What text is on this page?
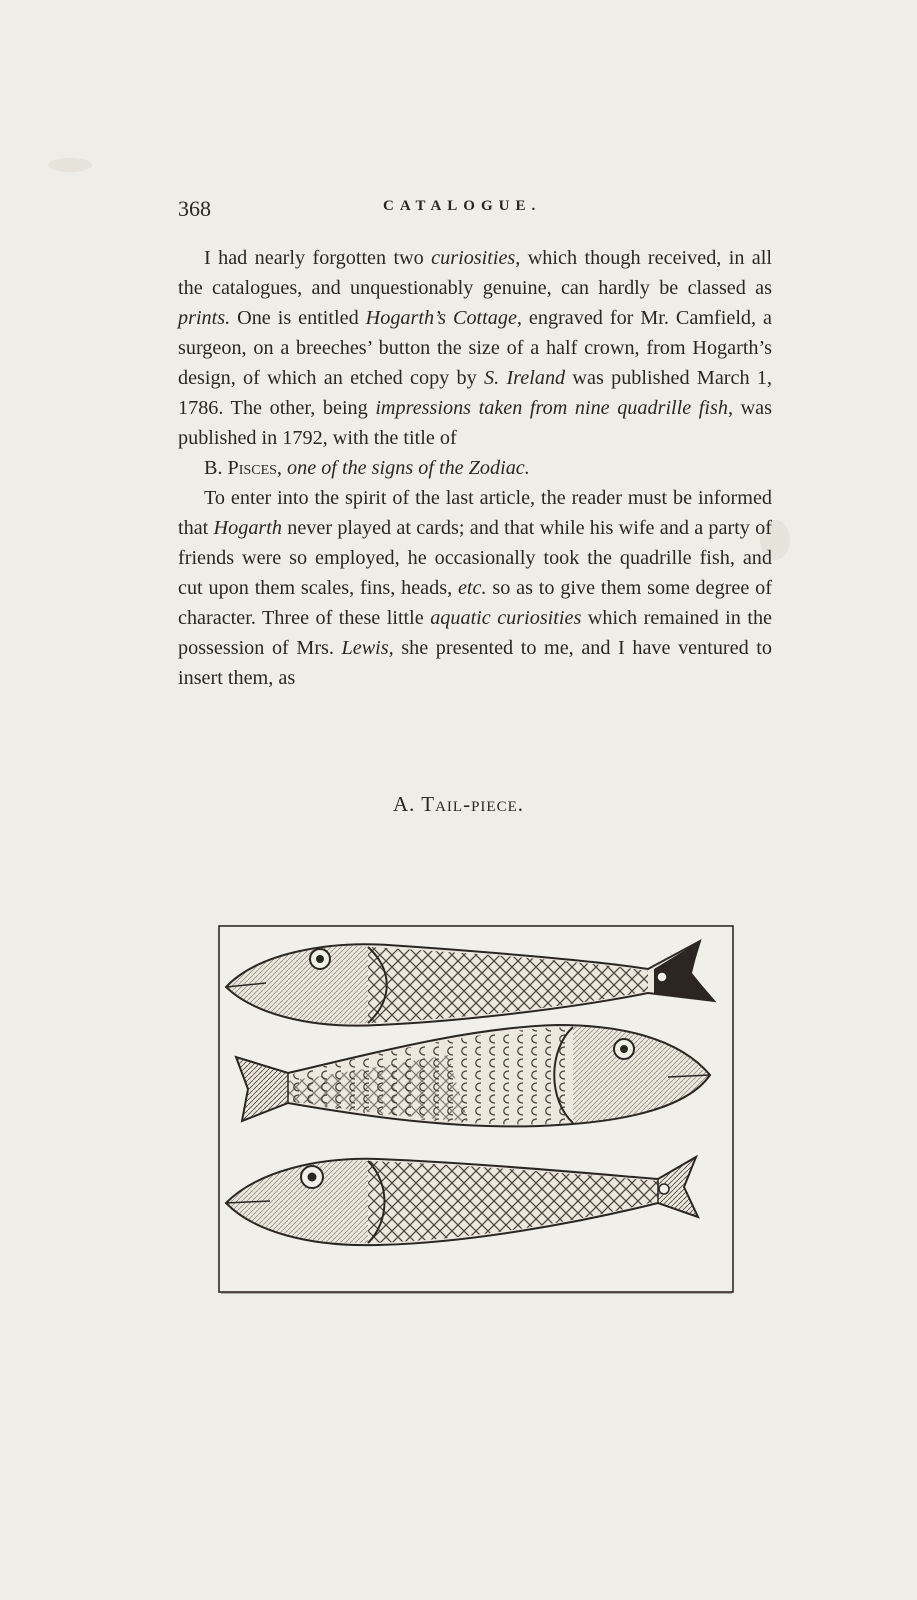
368	CATALOGUE.

I had nearly forgotten two curiosities, which though received, in all the catalogues, and unquestionably genuine, can hardly be classed as prints. One is entitled Hogarth’s Cottage, engraved for Mr. Camfield, a surgeon, on a breeches’ button the size of a half crown, from Hogarth’s design, of which an etched copy by S. Ireland was published March 1, 1786. The other, being impressions taken from nine quadrille fish, was published in 1792, with the title of

B. Pisces, one of the signs of the Zodiac.

To enter into the spirit of the last article, the reader must be informed that Hogarth never played at cards; and that while his wife and a party of friends were so employed, he occasionally took the quadrille fish, and cut upon them scales, fins, heads, etc. so as to give them some degree of character. Three of these little aquatic curiosities which remained in the possession of Mrs. Lewis, she presented to me, and I have ventured to insert them, as

A. Tail-piece.
